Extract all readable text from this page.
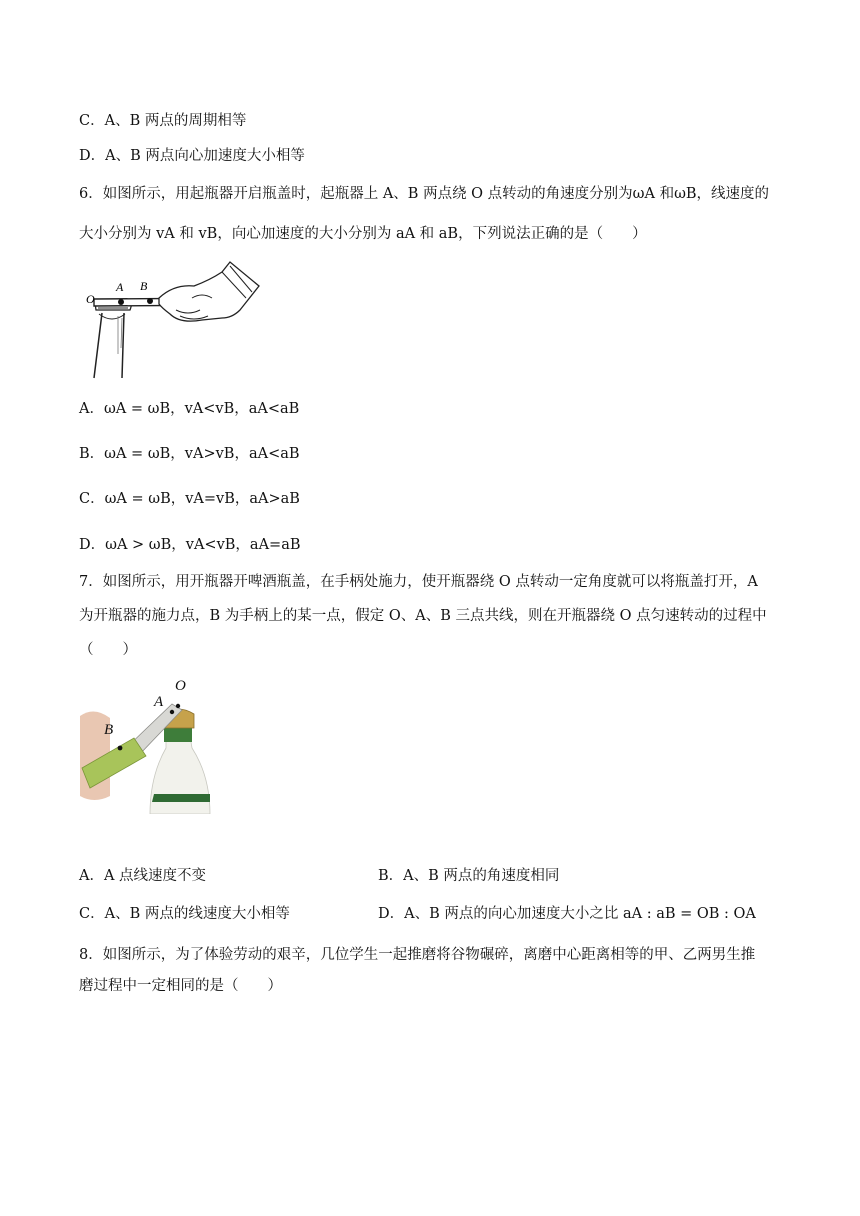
C．A、B 两点的周期相等
D．A、B 两点向心加速度大小相等
6．如图所示，用起瓶器开启瓶盖时，起瓶器上 A、B 两点绕 O 点转动的角速度分别为ωA 和ωB，线速度的
大小分别为 vA 和 vB，向心加速度的大小分别为 aA 和 aB，下列说法正确的是（　　）
O
A B
A．ωA = ωB，vA<vB，aA<aB
B．ωA = ωB，vA>vB，aA<aB
C．ωA = ωB，vA=vB，aA>aB
D．ωA > ωB，vA<vB，aA=aB
7．如图所示，用开瓶器开啤酒瓶盖，在手柄处施力，使开瓶器绕 O 点转动一定角度就可以将瓶盖打开，A
为开瓶器的施力点，B 为手柄上的某一点，假定 O、A、B 三点共线，则在开瓶器绕 O 点匀速转动的过程中
（　　）
B
A
O
A．A 点线速度不变	B．A、B 两点的角速度相同
C．A、B 两点的线速度大小相等	D．A、B 两点的向心加速度大小之比 aA : aB = OB : OA
8．如图所示，为了体验劳动的艰辛，几位学生一起推磨将谷物碾碎，离磨中心距离相等的甲、乙两男生推
磨过程中一定相同的是（　　）
